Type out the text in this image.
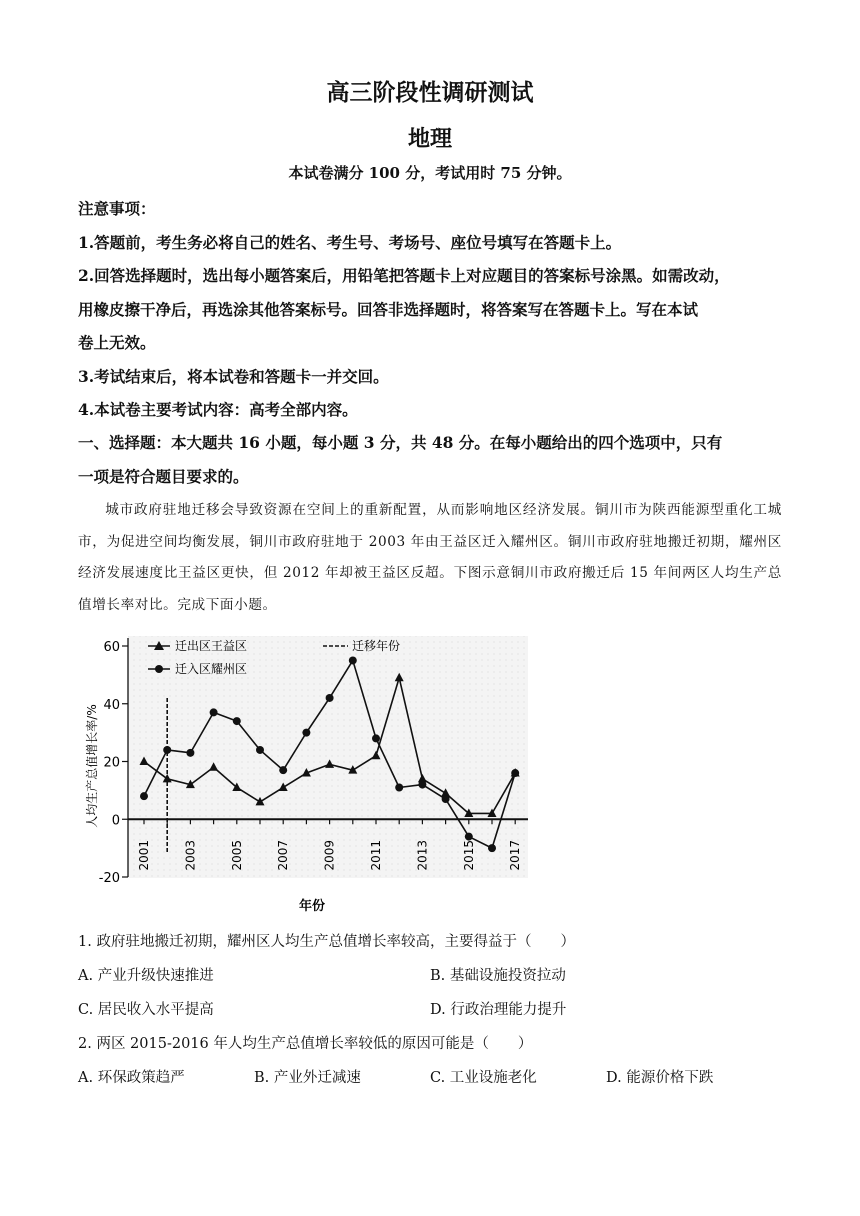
高三阶段性调研测试
地理
本试卷满分 100 分，考试用时 75 分钟。
注意事项：
1.答题前，考生务必将自己的姓名、考生号、考场号、座位号填写在答题卡上。
2.回答选择题时，选出每小题答案后，用铅笔把答题卡上对应题目的答案标号涂黑。如需改动，
用橡皮擦干净后，再选涂其他答案标号。回答非选择题时，将答案写在答题卡上。写在本试
卷上无效。
3.考试结束后，将本试卷和答题卡一并交回。
4.本试卷主要考试内容：高考全部内容。
一、选择题：本大题共 16 小题，每小题 3 分，共 48 分。在每小题给出的四个选项中，只有
一项是符合题目要求的。
城市政府驻地迁移会导致资源在空间上的重新配置，从而影响地区经济发展。铜川市为陕西能源型重化工城市，为促进空间均衡发展，铜川市政府驻地于 2003 年由王益区迁入耀州区。铜川市政府驻地搬迁初期，耀州区经济发展速度比王益区更快，但 2012 年却被王益区反超。下图示意铜川市政府搬迁后 15 年间两区人均生产总值增长率对比。完成下面小题。
60
40
20
0
-20
2001	2003	2005	2007	2009	2011	2013	2015	2017
人均生产总值增长率/%
年份
迁出区王益区
迁入区耀州区
迁移年份
1. 政府驻地搬迁初期，耀州区人均生产总值增长率较高，主要得益于（　　）
A. 产业升级快速推进	B. 基础设施投资拉动
C. 居民收入水平提高	D. 行政治理能力提升
2. 两区 2015-2016 年人均生产总值增长率较低的原因可能是（　　）
A. 环保政策趋严	B. 产业外迁减速	C. 工业设施老化	D. 能源价格下跌
